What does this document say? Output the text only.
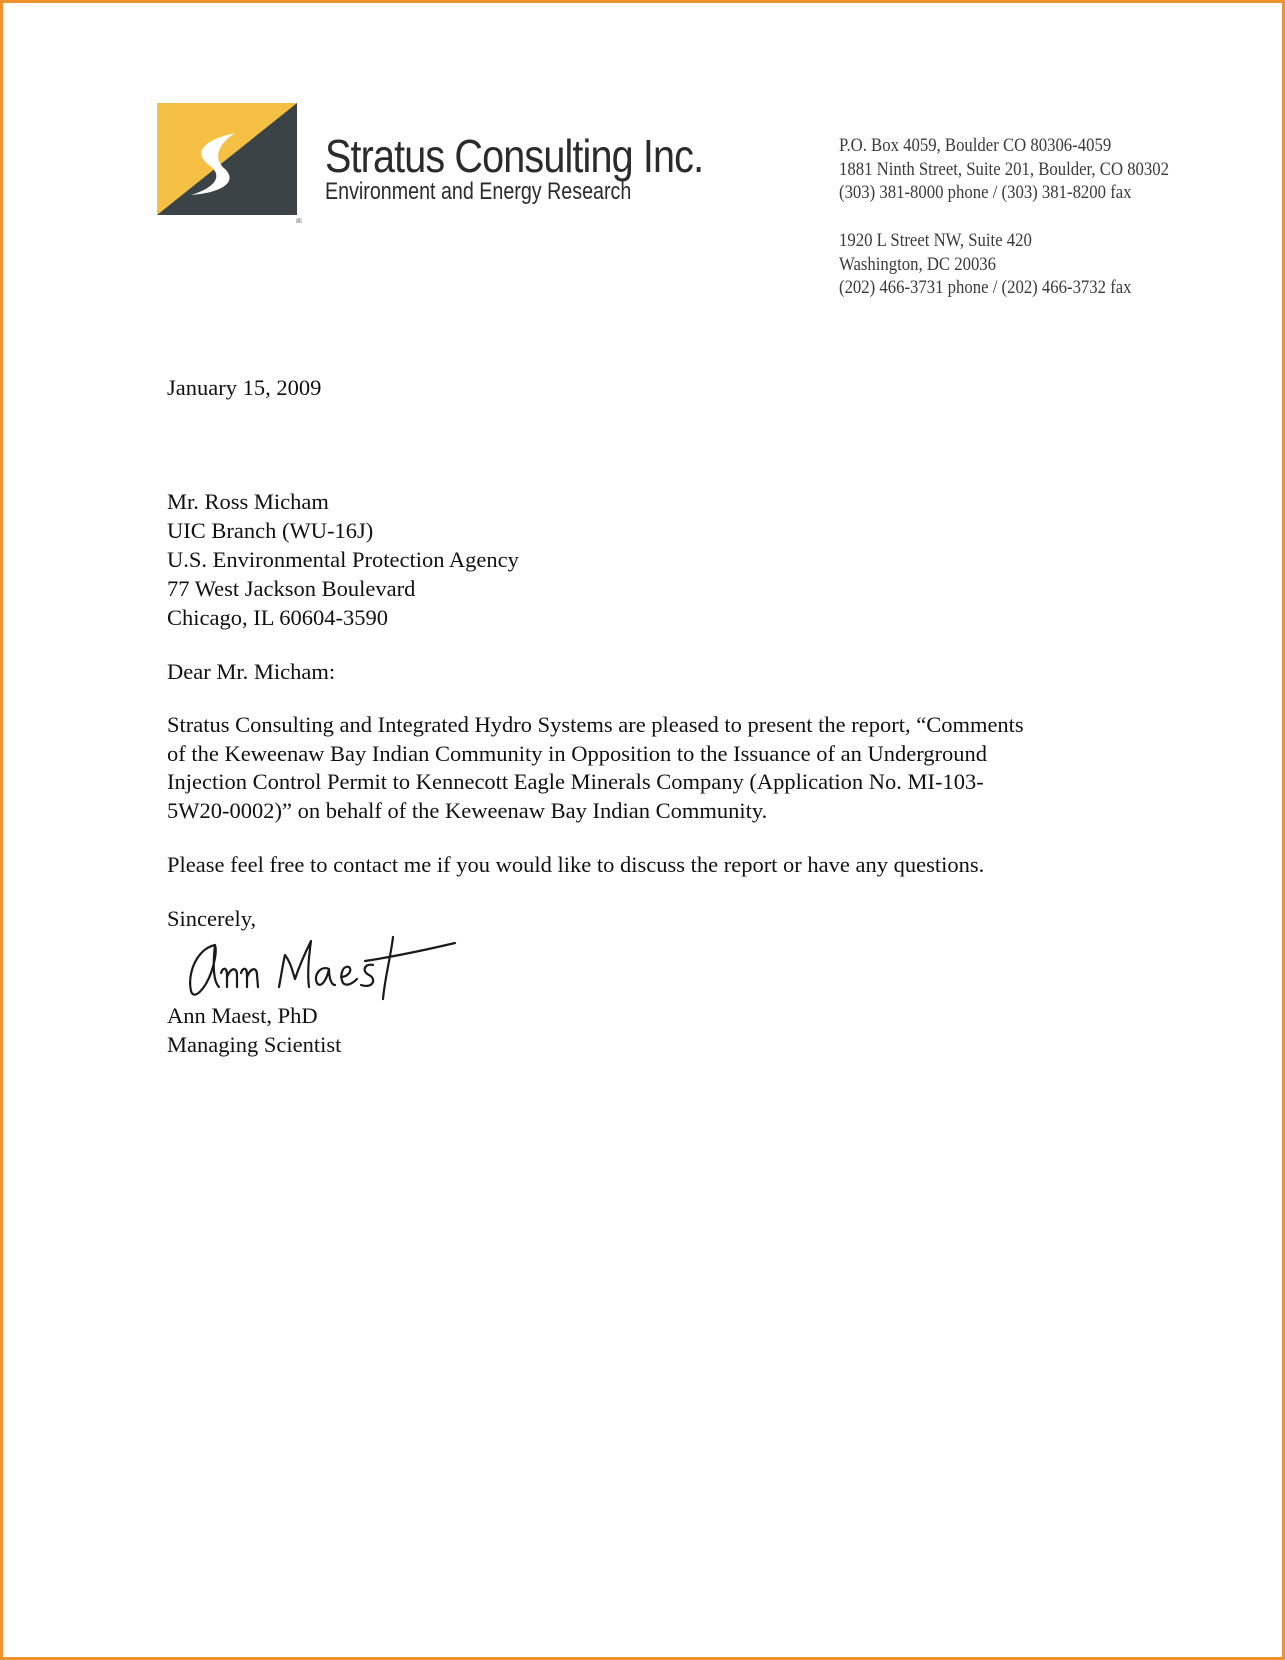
®
Stratus Consulting Inc.
Environment and Energy Research
P.O. Box 4059, Boulder CO 80306-4059
1881 Ninth Street, Suite 201, Boulder, CO 80302
(303) 381-8000 phone / (303) 381-8200 fax
1920 L Street NW, Suite 420
Washington, DC 20036
(202) 466-3731 phone / (202) 466-3732 fax
January 15, 2009
Mr. Ross Micham
UIC Branch (WU-16J)
U.S. Environmental Protection Agency
77 West Jackson Boulevard
Chicago, IL 60604-3590
Dear Mr. Micham:
Stratus Consulting and Integrated Hydro Systems are pleased to present the report, “Comments
of the Keweenaw Bay Indian Community in Opposition to the Issuance of an Underground
Injection Control Permit to Kennecott Eagle Minerals Company (Application No. MI-103-
5W20-0002)” on behalf of the Keweenaw Bay Indian Community.
Please feel free to contact me if you would like to discuss the report or have any questions.
Sincerely,
Ann Maest, PhD
Managing Scientist
